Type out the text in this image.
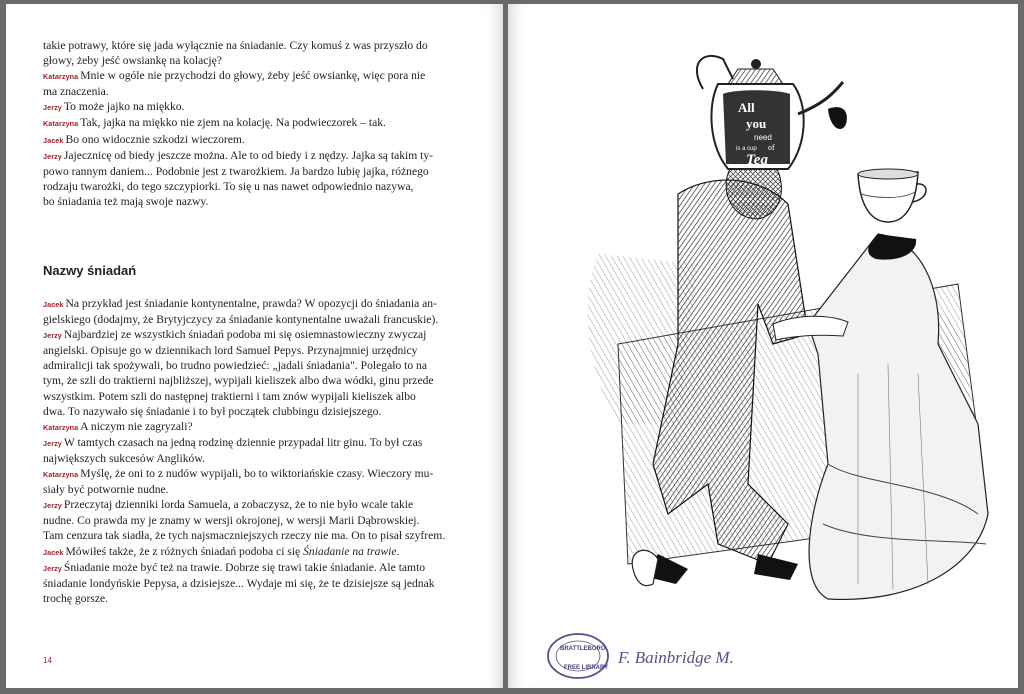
takie potrawy, które się jada wyłącznie na śniadanie. Czy komuś z was przyszło do
głowy, żeby jeść owsiankę na kolację?
Katarzyna Mnie w ogóle nie przychodzi do głowy, żeby jeść owsiankę, więc pora nie
ma znaczenia.
Jerzy To może jajko na miękko.
Katarzyna Tak, jajka na miękko nie zjem na kolację. Na podwieczorek – tak.
Jacek Bo ono widocznie szkodzi wieczorem.
Jerzy Jajecznicę od biedy jeszcze można. Ale to od biedy i z nędzy. Jajka są takim ty-
powo rannym daniem... Podobnie jest z twarożkiem. Ja bardzo lubię jajka, różnego
rodzaju twarożki, do tego szczypiorki. To się u nas nawet odpowiednio nazywa,
bo śniadania też mają swoje nazwy.
Nazwy śniadań
Jacek Na przykład jest śniadanie kontynentalne, prawda? W opozycji do śniadania an-
gielskiego (dodajmy, że Brytyjczycy za śniadanie kontynentalne uważali francuskie).
Jerzy Najbardziej ze wszystkich śniadań podoba mi się osiemnastowieczny zwyczaj
angielski. Opisuje go w dziennikach lord Samuel Pepys. Przynajmniej urzędnicy
admiralicji tak spożywali, bo trudno powiedzieć: „jadali śniadania". Polegało to na
tym, że szli do traktierni najbliższej, wypijali kieliszek albo dwa wódki, ginu przede
wszystkim. Potem szli do następnej traktierni i tam znów wypijali kieliszek albo
dwa. To nazywało się śniadanie i to był początek clubbingu dzisiejszego.
Katarzyna A niczym nie zagryzali?
Jerzy W tamtych czasach na jedną rodzinę dziennie przypadał litr ginu. To był czas
największych sukcesów Anglików.
Katarzyna Myślę, że oni to z nudów wypijali, bo to wiktoriańskie czasy. Wieczory mu-
siały być potwornie nudne.
Jerzy Przeczytaj dzienniki lorda Samuela, a zobaczysz, że to nie było wcale takie
nudne. Co prawda my je znamy w wersji okrojonej, w wersji Marii Dąbrowskiej.
Tam cenzura tak siadła, że tych najsmaczniejszych rzeczy nie ma. On to pisał szyfrem.
Jacek Mówiłeś także, że z różnych śniadań podoba ci się Śniadanie na trawie.
Jerzy Śniadanie może być też na trawie. Dobrze się trawi takie śniadanie. Ale tamto
śniadanie londyńskie Pepysa, a dzisiejsze... Wydaje mi się, że te dzisiejsze są jednak
trochę gorsze.
14
All
you
need
is a cup of
Tea
BRATTLEBORO
FREE LIBRARY
F. Bainbridge M.
